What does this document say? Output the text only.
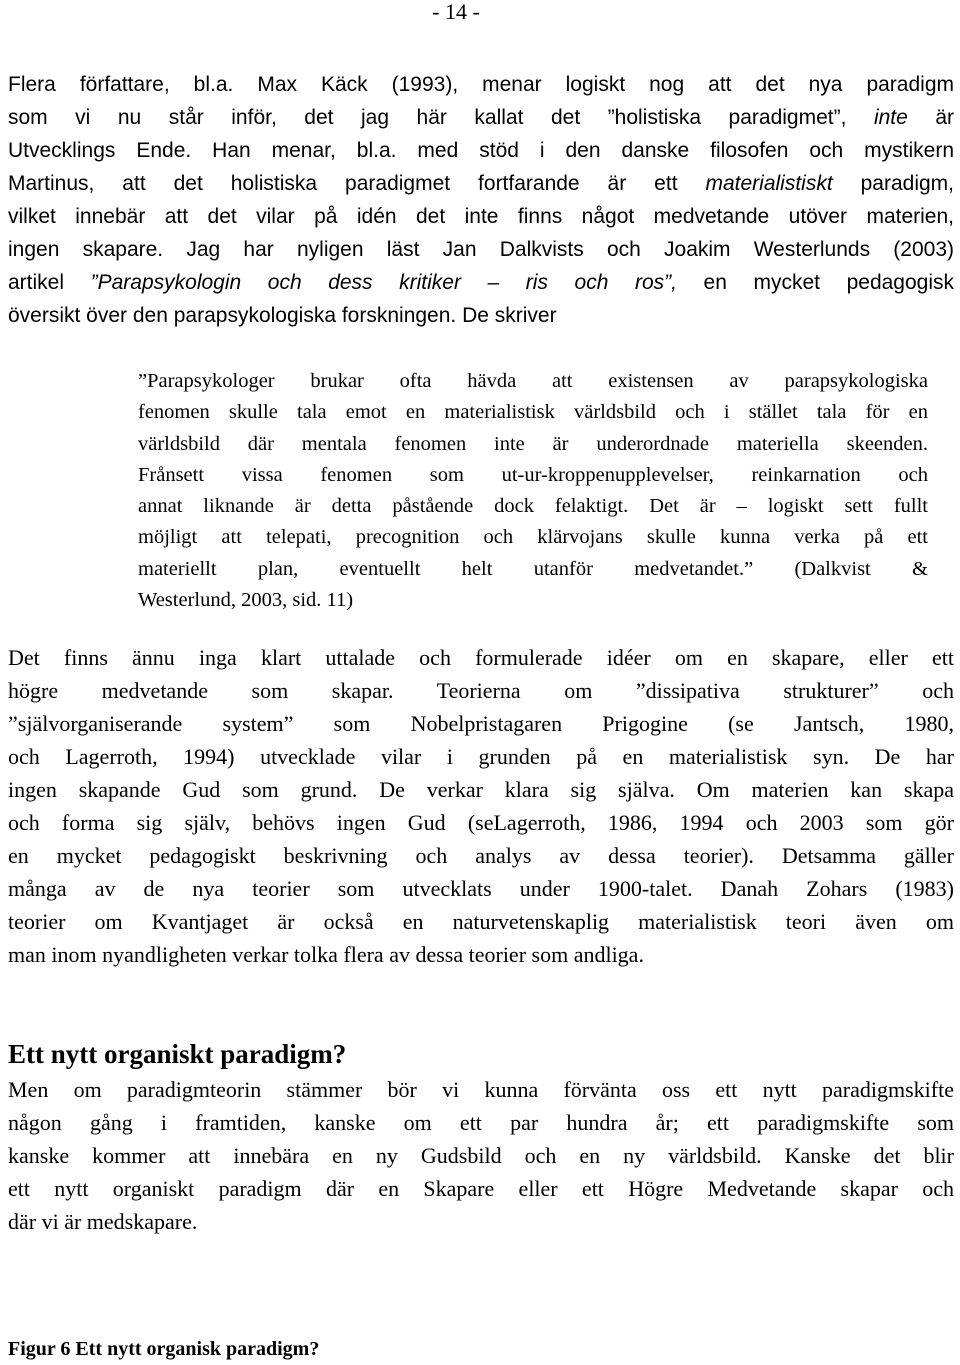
- 14 -

Flera författare, bl.a. Max Käck (1993), menar logiskt nog att det nya paradigm
som vi nu står inför, det jag här kallat det ”holistiska paradigmet”, inte är
Utvecklings Ende. Han menar, bl.a. med stöd i den danske filosofen och mystikern
Martinus, att det holistiska paradigmet fortfarande är ett materialistiskt paradigm,
vilket innebär att det vilar på idén det inte finns något medvetande utöver materien,
ingen skapare. Jag har nyligen läst Jan Dalkvists och Joakim Westerlunds (2003)
artikel ”Parapsykologin och dess kritiker – ris och ros”, en mycket pedagogisk
översikt över den parapsykologiska forskningen. De skriver

”Parapsykologer brukar ofta hävda att existensen av parapsykologiska
fenomen skulle tala emot en materialistisk världsbild och i stället tala för en
världsbild där mentala fenomen inte är underordnade materiella skeenden.
Frånsett vissa fenomen som ut-ur-kroppenupplevelser, reinkarnation och
annat liknande är detta påstående dock felaktigt. Det är – logiskt sett fullt
möjligt att telepati, precognition och klärvojans skulle kunna verka på ett
materiellt plan, eventuellt helt utanför medvetandet.” (Dalkvist &
Westerlund, 2003, sid. 11)

Det finns ännu inga klart uttalade och formulerade idéer om en skapare, eller ett
högre medvetande som skapar. Teorierna om ”dissipativa strukturer” och
”självorganiserande system” som Nobelpristagaren Prigogine (se Jantsch, 1980,
och Lagerroth, 1994) utvecklade vilar i grunden på en materialistisk syn. De har
ingen skapande Gud som grund. De verkar klara sig själva. Om materien kan skapa
och forma sig själv, behövs ingen Gud (seLagerroth, 1986, 1994 och 2003 som gör
en mycket pedagogiskt beskrivning och analys av dessa teorier). Detsamma gäller
många av de nya teorier som utvecklats under 1900-talet. Danah Zohars (1983)
teorier om Kvantjaget är också en naturvetenskaplig materialistisk teori även om
man inom nyandligheten verkar tolka flera av dessa teorier som andliga.

Ett nytt organiskt paradigm?

Men om paradigmteorin stämmer bör vi kunna förvänta oss ett nytt paradigmskifte
någon gång i framtiden, kanske om ett par hundra år; ett paradigmskifte som
kanske kommer att innebära en ny Gudsbild och en ny världsbild. Kanske det blir
ett nytt organiskt paradigm där en Skapare eller ett Högre Medvetande skapar och
där vi är medskapare.

Figur 6 Ett nytt organisk paradigm?
